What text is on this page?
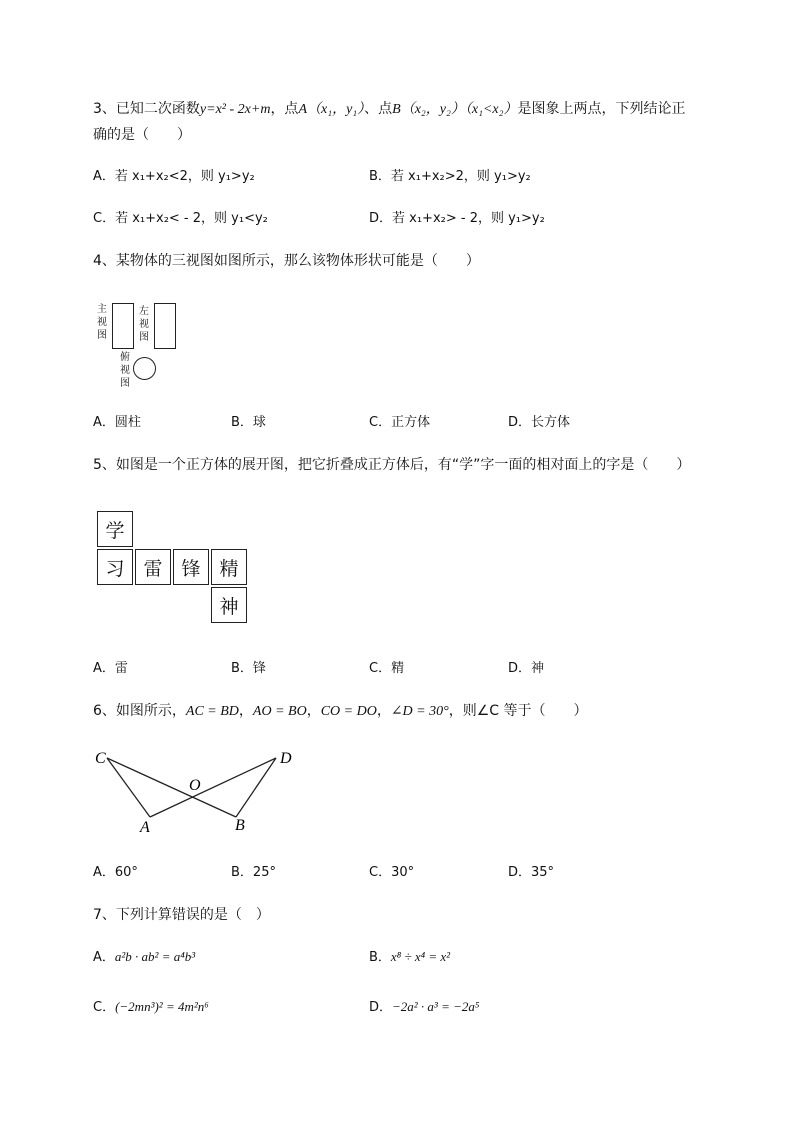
3、已知二次函数y=x² - 2x+m，点A（x₁，y₁）、点B（x₂，y₂）（x₁<x₂）是图象上两点，下列结论正
确的是（　　）
A．若 x₁+x₂<2，则 y₁>y₂	B．若 x₁+x₂>2，则 y₁>y₂
C．若 x₁+x₂< - 2，则 y₁<y₂	D．若 x₁+x₂> - 2，则 y₁>y₂
4、某物体的三视图如图所示，那么该物体形状可能是（　　）
主视图
左视图
俯视图
A．圆柱	B．球	C．正方体	D．长方体
5、如图是一个正方体的展开图，把它折叠成正方体后，有“学”字一面的相对面上的字是（　　）
学
习 雷 锋 精
神
A．雷	B．锋	C．精	D．神
6、如图所示，AC = BD，AO = BO，CO = DO，∠D = 30°，则∠C 等于（　　）
C	D
O
A	B
A．60°	B．25°	C．30°	D．35°
7、下列计算错误的是（　）
A．a²b · ab² = a⁴b³	B．x⁸ ÷ x⁴ = x²
C．(−2mn³)² = 4m²n⁶	D．−2a² · a³ = −2a⁵
